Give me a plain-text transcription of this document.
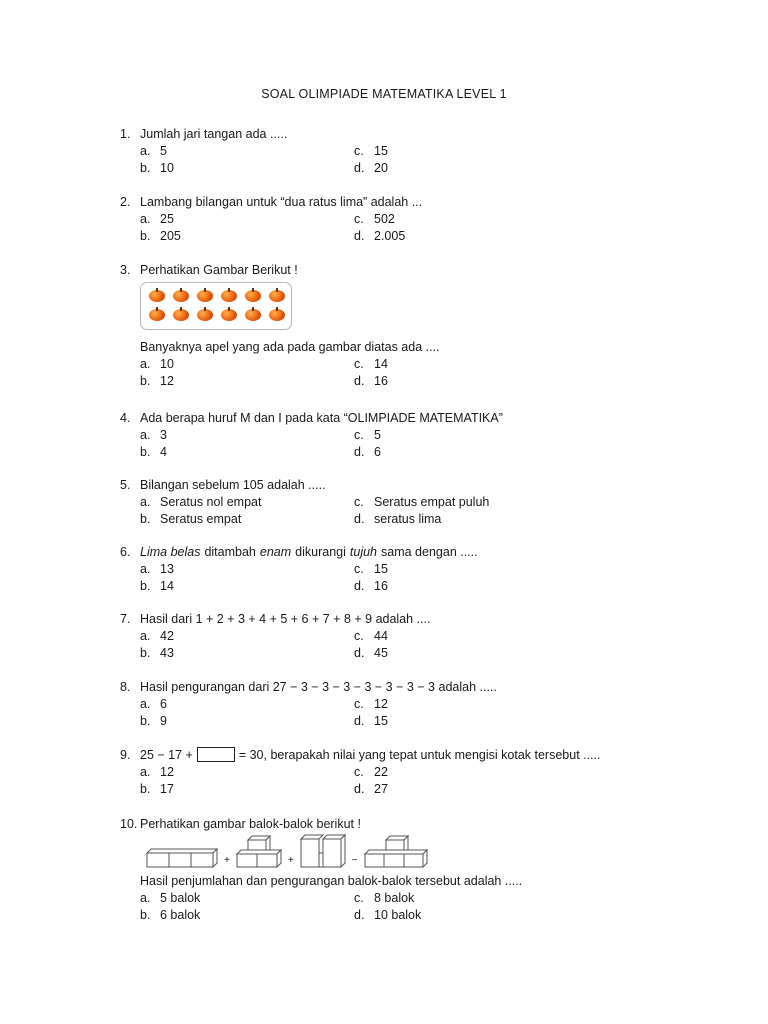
SOAL OLIMPIADE MATEMATIKA LEVEL 1
1. Jumlah jari tangan ada .....
a. 5	c. 15
b. 10	d. 20
2. Lambang bilangan untuk “dua ratus lima” adalah ...
a. 25	c. 502
b. 205	d. 2.005
3. Perhatikan Gambar Berikut !
Banyaknya apel yang ada pada gambar diatas ada ....
a. 10	c. 14
b. 12	d. 16
4. Ada berapa huruf M dan I pada kata “OLIMPIADE MATEMATIKA”
a. 3	c. 5
b. 4	d. 6
5. Bilangan sebelum 105 adalah .....
a. Seratus nol empat	c. Seratus empat puluh
b. Seratus empat	d. seratus lima
6. Lima belas ditambah enam dikurangi tujuh sama dengan .....
a. 13	c. 15
b. 14	d. 16
7. Hasil dari 1 + 2 + 3 + 4 + 5 + 6 + 7 + 8 + 9 adalah ....
a. 42	c. 44
b. 43	d. 45
8. Hasil pengurangan dari 27 − 3 − 3 − 3 − 3 − 3 − 3 − 3 adalah .....
a. 6	c. 12
b. 9	d. 15
9. 25 − 17 +	= 30, berapakah nilai yang tepat untuk mengisi kotak tersebut .....
a. 12	c. 22
b. 17	d. 27
10. Perhatikan gambar balok-balok berikut !
+	+	−
Hasil penjumlahan dan pengurangan balok-balok tersebut adalah .....
a. 5 balok	c. 8 balok
b. 6 balok	d. 10 balok
